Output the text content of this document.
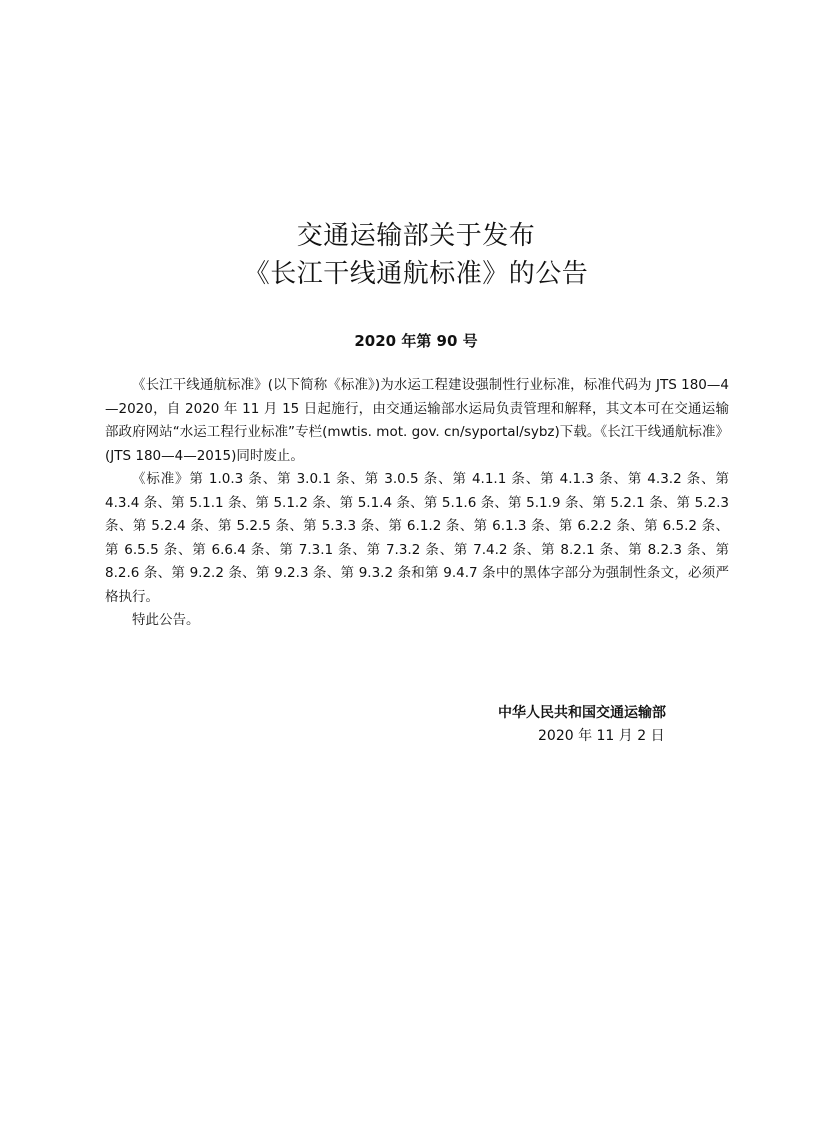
交通运输部关于发布
《长江干线通航标准》的公告
2020 年第 90 号

《长江干线通航标准》(以下简称《标准》)为水运工程建设强制性行业标准，标准代码为 JTS 180—4—2020，自 2020 年 11 月 15 日起施行，由交通运输部水运局负责管理和解释，其文本可在交通运输部政府网站“水运工程行业标准”专栏(mwtis. mot. gov. cn/syportal/sybz)下载。《长江干线通航标准》(JTS 180—4—2015)同时废止。

《标准》第 1.0.3 条、第 3.0.1 条、第 3.0.5 条、第 4.1.1 条、第 4.1.3 条、第 4.3.2 条、第 4.3.4 条、第 5.1.1 条、第 5.1.2 条、第 5.1.4 条、第 5.1.6 条、第 5.1.9 条、第 5.2.1 条、第 5.2.3 条、第 5.2.4 条、第 5.2.5 条、第 5.3.3 条、第 6.1.2 条、第 6.1.3 条、第 6.2.2 条、第 6.5.2 条、第 6.5.5 条、第 6.6.4 条、第 7.3.1 条、第 7.3.2 条、第 7.4.2 条、第 8.2.1 条、第 8.2.3 条、第 8.2.6 条、第 9.2.2 条、第 9.2.3 条、第 9.3.2 条和第 9.4.7 条中的黑体字部分为强制性条文，必须严格执行。

特此公告。

中华人民共和国交通运输部
2020 年 11 月 2 日
